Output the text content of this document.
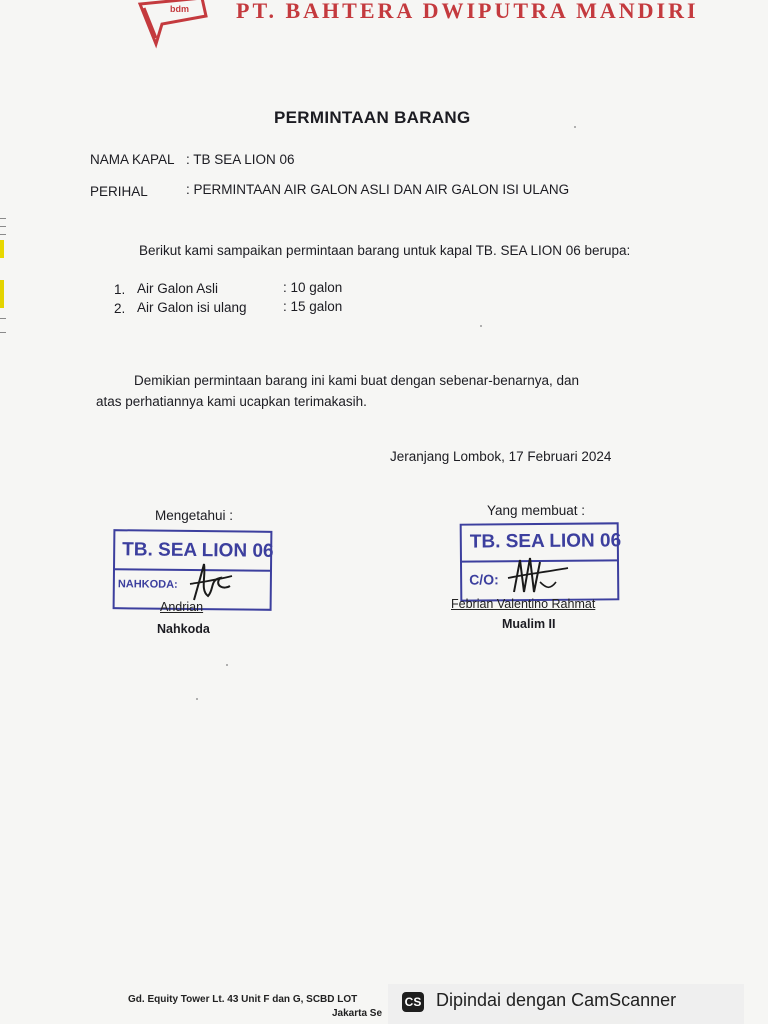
bdm PT. BAHTERA DWIPUTRA MANDIRI
PERMINTAAN BARANG
NAMA KAPAL : TB SEA LION 06
PERIHAL	: PERMINTAAN AIR GALON ASLI DAN AIR GALON ISI ULANG
Berikut kami sampaikan permintaan barang untuk kapal TB. SEA LION 06 berupa:
1. Air Galon Asli	: 10 galon
2. Air Galon isi ulang	: 15 galon
Demikian permintaan barang ini kami buat dengan sebenar-benarnya, dan
atas perhatiannya kami ucapkan terimakasih.
Jeranjang Lombok, 17 Februari 2024
Mengetahui :
TB. SEA LION 06
NAHKODA:
Andrian
Nahkoda
Yang membuat :
TB. SEA LION 06
C/O:
Febrian Valentino Rahmat
Mualim II
Gd. Equity Tower Lt. 43 Unit F dan G, SCBD LOT
Jakarta Se
CS Dipindai dengan CamScanner
